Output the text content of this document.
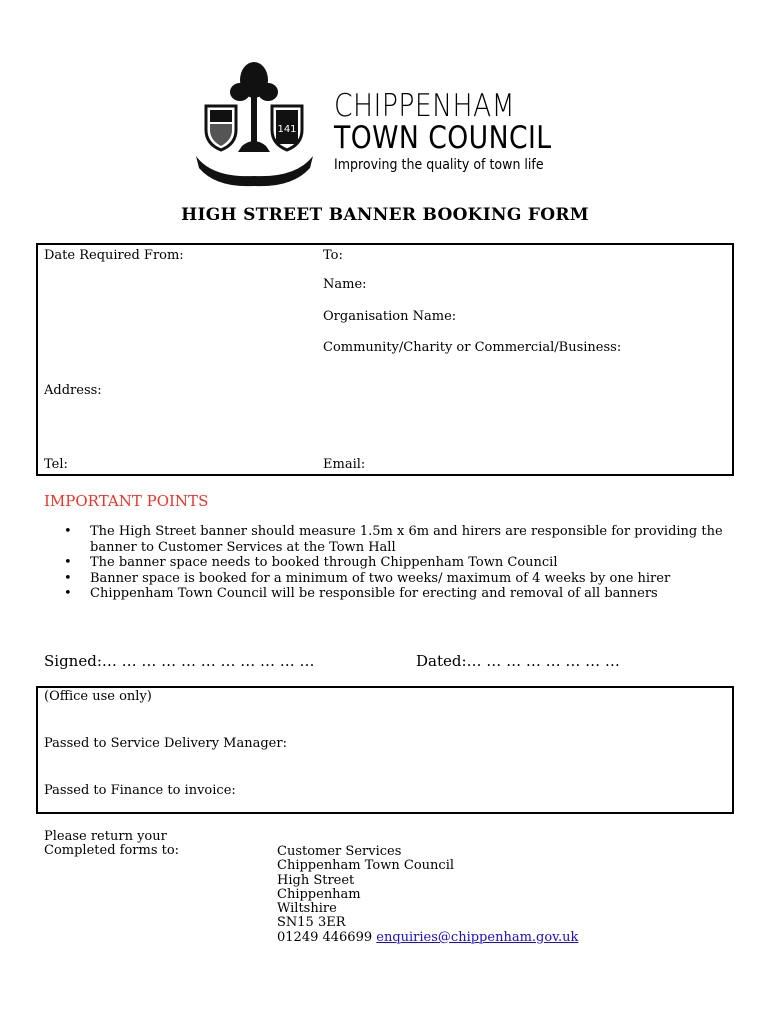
141
CHIPPENHAM
TOWN COUNCIL
Improving the quality of town life
HIGH STREET BANNER BOOKING FORM
Date Required From:	To:
Name:
Organisation Name:
Community/Charity or Commercial/Business:
Address:
Tel:	Email:
IMPORTANT POINTS
• The High Street banner should measure 1.5m x 6m and hirers are responsible for providing the banner to Customer Services at the Town Hall
• The banner space needs to booked through Chippenham Town Council
• Banner space is booked for a minimum of two weeks/ maximum of 4 weeks by one hirer
• Chippenham Town Council will be responsible for erecting and removal of all banners
Signed:… … … … … … … … … … …	Dated:… … … … … … … …
(Office use only)
Passed to Service Delivery Manager:
Passed to Finance to invoice:
Please return your
Completed forms to:	Customer Services
Chippenham Town Council
High Street
Chippenham
Wiltshire
SN15 3ER
01249 446699 enquiries@chippenham.gov.uk
